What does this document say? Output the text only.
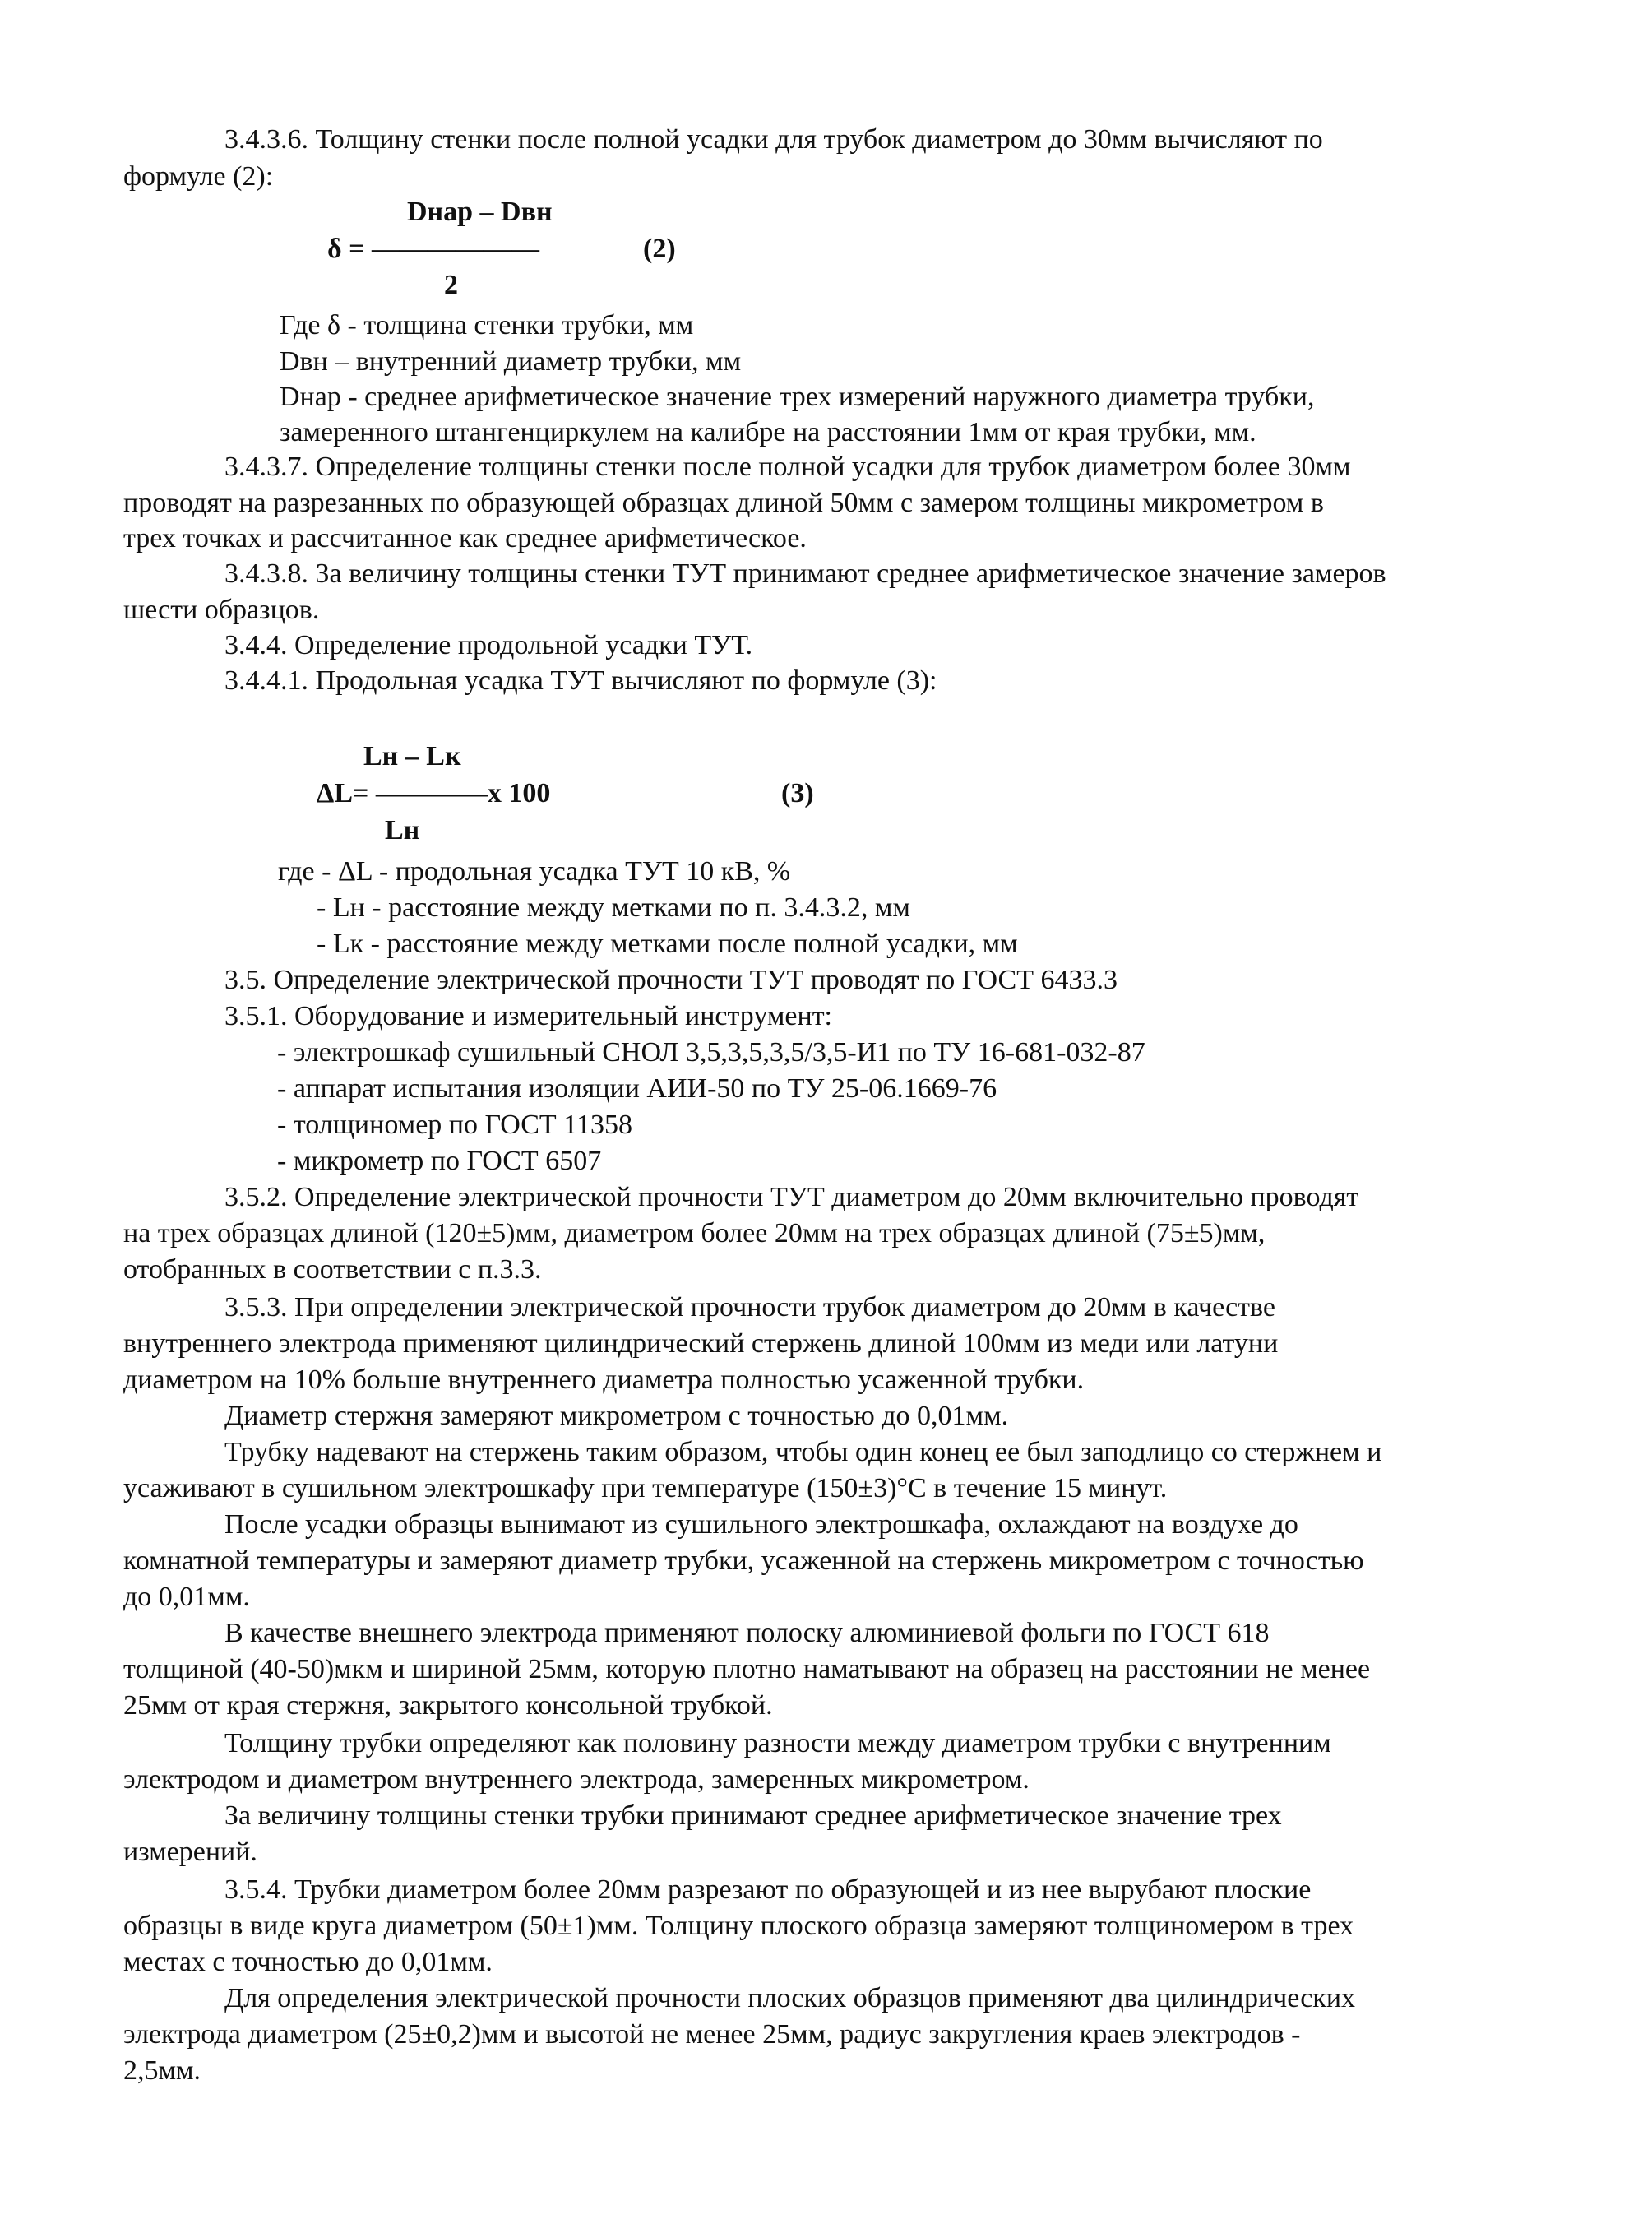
3.4.3.6. Толщину стенки после полной усадки для трубок диаметром до 30мм вычисляют по
формуле (2):
Dнар – Dвн
δ = ——————	(2)
2
Где δ - толщина стенки трубки, мм
Dвн – внутренний диаметр трубки, мм
Dнар - среднее арифметическое значение трех измерений наружного диаметра трубки,
замеренного штангенциркулем на калибре на расстоянии 1мм от края трубки, мм.
3.4.3.7. Определение толщины стенки после полной усадки для трубок диаметром более 30мм
проводят на разрезанных по образующей образцах длиной 50мм с замером толщины микрометром в
трех точках и рассчитанное как среднее арифметическое.
3.4.3.8. За величину толщины стенки ТУТ принимают среднее арифметическое значение замеров
шести образцов.
3.4.4. Определение продольной усадки ТУТ.
3.4.4.1. Продольная усадка ТУТ вычисляют по формуле (3):
Lн – Lк
ΔL= ————x 100	(3)
Lн
где - ΔL - продольная усадка ТУТ 10 кВ, %
- Lн - расстояние между метками по п. 3.4.3.2, мм
- Lк - расстояние между метками после полной усадки, мм
3.5. Определение электрической прочности ТУТ проводят по ГОСТ 6433.3
3.5.1. Оборудование и измерительный инструмент:
- электрошкаф сушильный СНОЛ 3,5,3,5,3,5/3,5-И1 по ТУ 16-681-032-87
- аппарат испытания изоляции АИИ-50 по ТУ 25-06.1669-76
- толщиномер по ГОСТ 11358
- микрометр по ГОСТ 6507
3.5.2. Определение электрической прочности ТУТ диаметром до 20мм включительно проводят
на трех образцах длиной (120±5)мм, диаметром более 20мм на трех образцах длиной (75±5)мм,
отобранных в соответствии с п.3.3.
3.5.3. При определении электрической прочности трубок диаметром до 20мм в качестве
внутреннего электрода применяют цилиндрический стержень длиной 100мм из меди или латуни
диаметром на 10% больше внутреннего диаметра полностью усаженной трубки.
Диаметр стержня замеряют микрометром с точностью до 0,01мм.
Трубку надевают на стержень таким образом, чтобы один конец ее был заподлицо со стержнем и
усаживают в сушильном электрошкафу при температуре (150±3)°С в течение 15 минут.
После усадки образцы вынимают из сушильного электрошкафа, охлаждают на воздухе до
комнатной температуры и замеряют диаметр трубки, усаженной на стержень микрометром с точностью
до 0,01мм.
В качестве внешнего электрода применяют полоску алюминиевой фольги по ГОСТ 618
толщиной (40-50)мкм и шириной 25мм, которую плотно наматывают на образец на расстоянии не менее
25мм от края стержня, закрытого консольной трубкой.
Толщину трубки определяют как половину разности между диаметром трубки с внутренним
электродом и диаметром внутреннего электрода, замеренных микрометром.
За величину толщины стенки трубки принимают среднее арифметическое значение трех
измерений.
3.5.4. Трубки диаметром более 20мм разрезают по образующей и из нее вырубают плоские
образцы в виде круга диаметром (50±1)мм. Толщину плоского образца замеряют толщиномером в трех
местах с точностью до 0,01мм.
Для определения электрической прочности плоских образцов применяют два цилиндрических
электрода диаметром (25±0,2)мм и высотой не менее 25мм, радиус закругления краев электродов -
2,5мм.
